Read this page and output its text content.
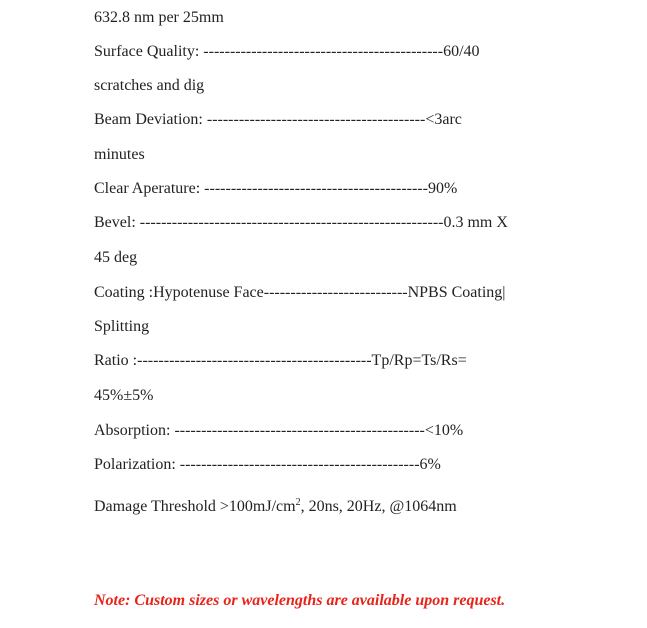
632.8 nm per 25mm
Surface Quality: ---------------------------------------------60/40
scratches and dig
Beam Deviation: -----------------------------------------<3arc
minutes
Clear Aperature: ------------------------------------------90%
Bevel: ---------------------------------------------------------0.3 mm X
45 deg
Coating :Hypotenuse Face---------------------------NPBS Coating|
Splitting
Ratio :--------------------------------------------Tp/Rp=Ts/Rs=
45%±5%
Absorption: -----------------------------------------------<10%
Polarization: ---------------------------------------------6%
Damage Threshold $>100mJ/cm^2$, 20ns, 20Hz, @1064nm
Note: Custom sizes or wavelengths are available upon request.
